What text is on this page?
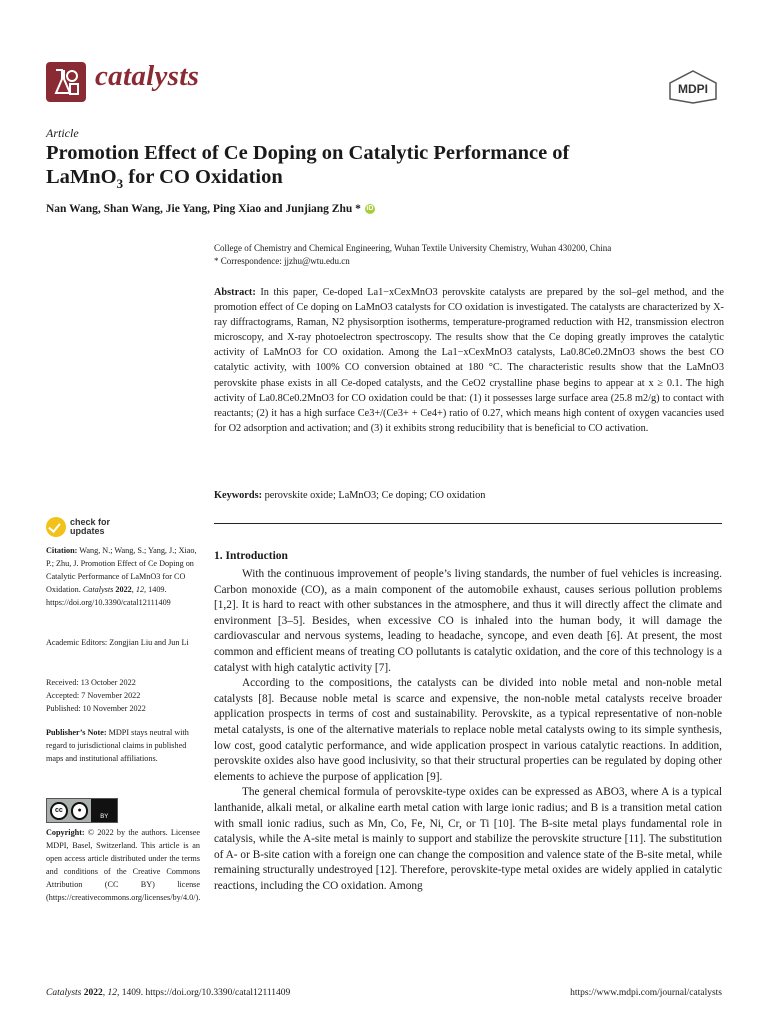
catalysts	MDPI
Article
Promotion Effect of Ce Doping on Catalytic Performance of
LaMnO$_3$ for CO Oxidation
Nan Wang, Shan Wang, Jie Yang, Ping Xiao and Junjiang Zhu * iD
College of Chemistry and Chemical Engineering, Wuhan Textile University Chemistry, Wuhan 430200, China
* Correspondence: jjzhu@wtu.edu.cn
Abstract: In this paper, Ce-doped La1−xCexMnO3 perovskite catalysts are prepared by the sol–gel method, and the promotion effect of Ce doping on LaMnO3 catalysts for CO oxidation is investigated. The catalysts are characterized by X-ray diffractograms, Raman, N2 physisorption isotherms, temperature-programed reduction with H2, transmission electron microscopy, and X-ray photoelectron spectroscopy. The results show that the Ce doping greatly improves the catalytic activity of LaMnO3 for CO oxidation. Among the La1−xCexMnO3 catalysts, La0.8Ce0.2MnO3 shows the best CO catalytic activity, with 100% CO conversion obtained at 180 °C. The characteristic results show that the LaMnO3 perovskite phase exists in all Ce-doped catalysts, and the CeO2 crystalline phase begins to appear at x ≥ 0.1. The high activity of La0.8Ce0.2MnO3 for CO oxidation could be that: (1) it possesses large surface area (25.8 m2/g) to contact with reactants; (2) it has a high surface Ce3+/(Ce3+ + Ce4+) ratio of 0.27, which means high content of oxygen vacancies used for O2 adsorption and activation; and (3) it exhibits strong reducibility that is beneficial to CO activation.
Keywords: perovskite oxide; LaMnO3; Ce doping; CO oxidation
check for
updates
Citation: Wang, N.; Wang, S.; Yang, J.; Xiao, P.; Zhu, J. Promotion Effect of Ce Doping on Catalytic Performance of LaMnO3 for CO Oxidation. Catalysts 2022, 12, 1409. https://doi.org/10.3390/catal12111409
Academic Editors: Zongjian Liu and Jun Li

Received: 13 October 2022

Accepted: 7 November 2022

Published: 10 November 2022

Publisher’s Note: MDPI stays neutral with regard to jurisdictional claims in published maps and institutional affiliations.
cc	●
BY
Copyright: © 2022 by the authors. Licensee MDPI, Basel, Switzerland. This article is an open access article distributed under the terms and conditions of the Creative Commons Attribution (CC BY) license (https://creativecommons.org/licenses/by/4.0/).
1. Introduction

With the continuous improvement of people’s living standards, the number of fuel vehicles is increasing. Carbon monoxide (CO), as a main component of the automobile exhaust, causes serious pollution problems [1,2]. It is hard to react with other substances in the atmosphere, and thus it will directly affect the climate and environment [3–5]. Besides, when excessive CO is inhaled into the human body, it will damage the cardiovascular and nervous systems, leading to headache, syncope, and even death [6]. At present, the most common and efficient means of treating CO pollutants is catalytic oxidation, and the core of this technology is a catalyst with high catalytic activity [7].

According to the compositions, the catalysts can be divided into noble metal and non-noble metal catalysts [8]. Because noble metal is scarce and expensive, the non-noble metal catalysts receive broader application prospects in terms of cost and sustainability. Perovskite, as a typical representative of non-noble metal catalysts, is one of the alternative materials to replace noble metal catalysts owing to its simple synthesis, low cost, good catalytic performance, and wide application prospect in various catalytic reactions. In addition, perovskite oxides also have good inclusivity, so that their structural properties can be regulated by doping other elements to achieve the purpose of application [9].

The general chemical formula of perovskite-type oxides can be expressed as ABO3, where A is a typical lanthanide, alkali metal, or alkaline earth metal cation with large ionic radius; and B is a transition metal cation with small ionic radius, such as Mn, Co, Fe, Ni, Cr, or Ti [10]. The B-site metal plays fundamental role in catalysis, while the A-site metal is mainly to support and stabilize the perovskite structure [11]. The substitution of A- or B-site cation with a foreign one can change the composition and valence state of the B-site metal, while remaining structurally undestroyed [12]. Therefore, perovskite-type metal oxides are widely applied in catalytic reactions, including the CO oxidation. Among

Catalysts 2022, 12, 1409. https://doi.org/10.3390/catal12111409	https://www.mdpi.com/journal/catalysts
